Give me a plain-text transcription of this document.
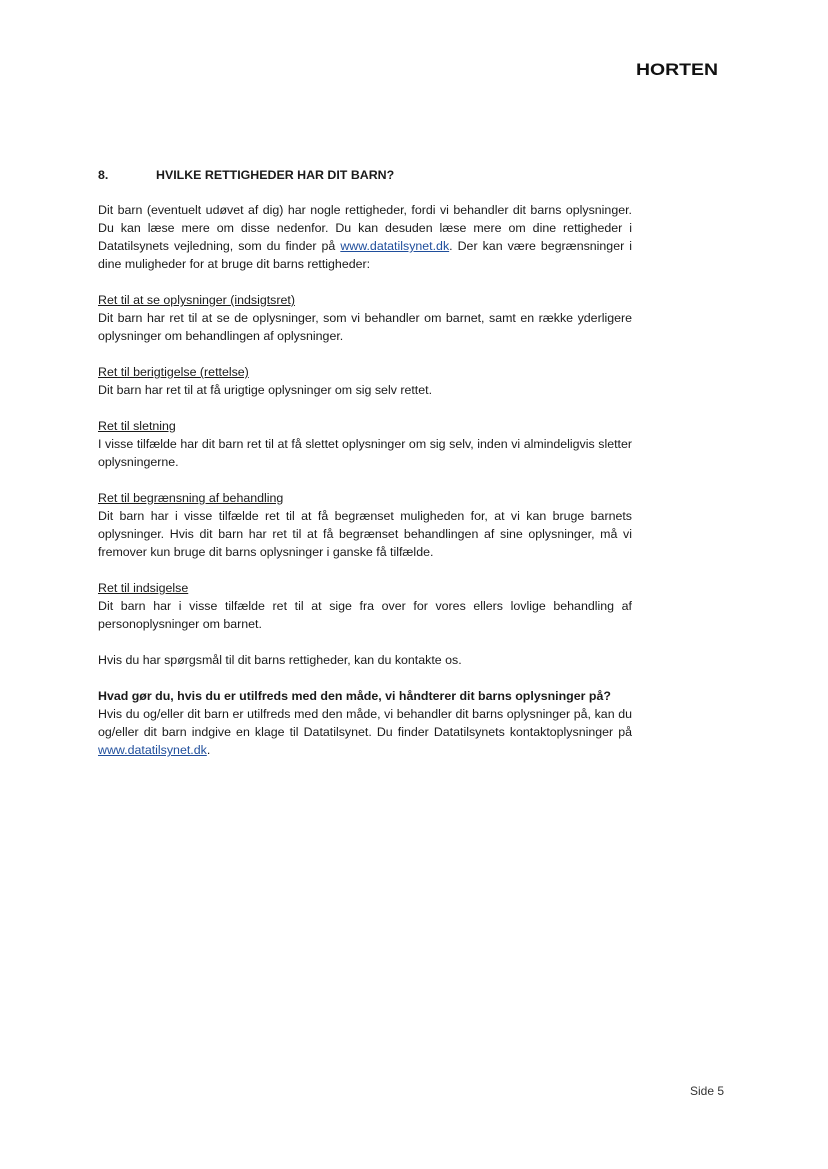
HORTEN
8.	HVILKE RETTIGHEDER HAR DIT BARN?

Dit barn (eventuelt udøvet af dig) har nogle rettigheder, fordi vi behandler dit barns oplysninger. Du kan læse mere om disse nedenfor. Du kan desuden læse mere om dine rettigheder i Datatilsynets vejledning, som du finder på www.datatilsynet.dk. Der kan være begrænsninger i dine muligheder for at bruge dit barns rettigheder:

Ret til at se oplysninger (indsigtsret)

Dit barn har ret til at se de oplysninger, som vi behandler om barnet, samt en række yderligere oplysninger om behandlingen af oplysninger.

Ret til berigtigelse (rettelse)

Dit barn har ret til at få urigtige oplysninger om sig selv rettet.

Ret til sletning

I visse tilfælde har dit barn ret til at få slettet oplysninger om sig selv, inden vi almindeligvis sletter oplysningerne.

Ret til begrænsning af behandling

Dit barn har i visse tilfælde ret til at få begrænset muligheden for, at vi kan bruge barnets oplysninger. Hvis dit barn har ret til at få begrænset behandlingen af sine oplysninger, må vi fremover kun bruge dit barns oplysninger i ganske få tilfælde.

Ret til indsigelse

Dit barn har i visse tilfælde ret til at sige fra over for vores ellers lovlige behandling af personoplysninger om barnet.

Hvis du har spørgsmål til dit barns rettigheder, kan du kontakte os.

Hvad gør du, hvis du er utilfreds med den måde, vi håndterer dit barns oplysninger på?

Hvis du og/eller dit barn er utilfreds med den måde, vi behandler dit barns oplysninger på, kan du og/eller dit barn indgive en klage til Datatilsynet. Du finder Datatilsynets kontaktoplysninger på www.datatilsynet.dk.

Side 5
